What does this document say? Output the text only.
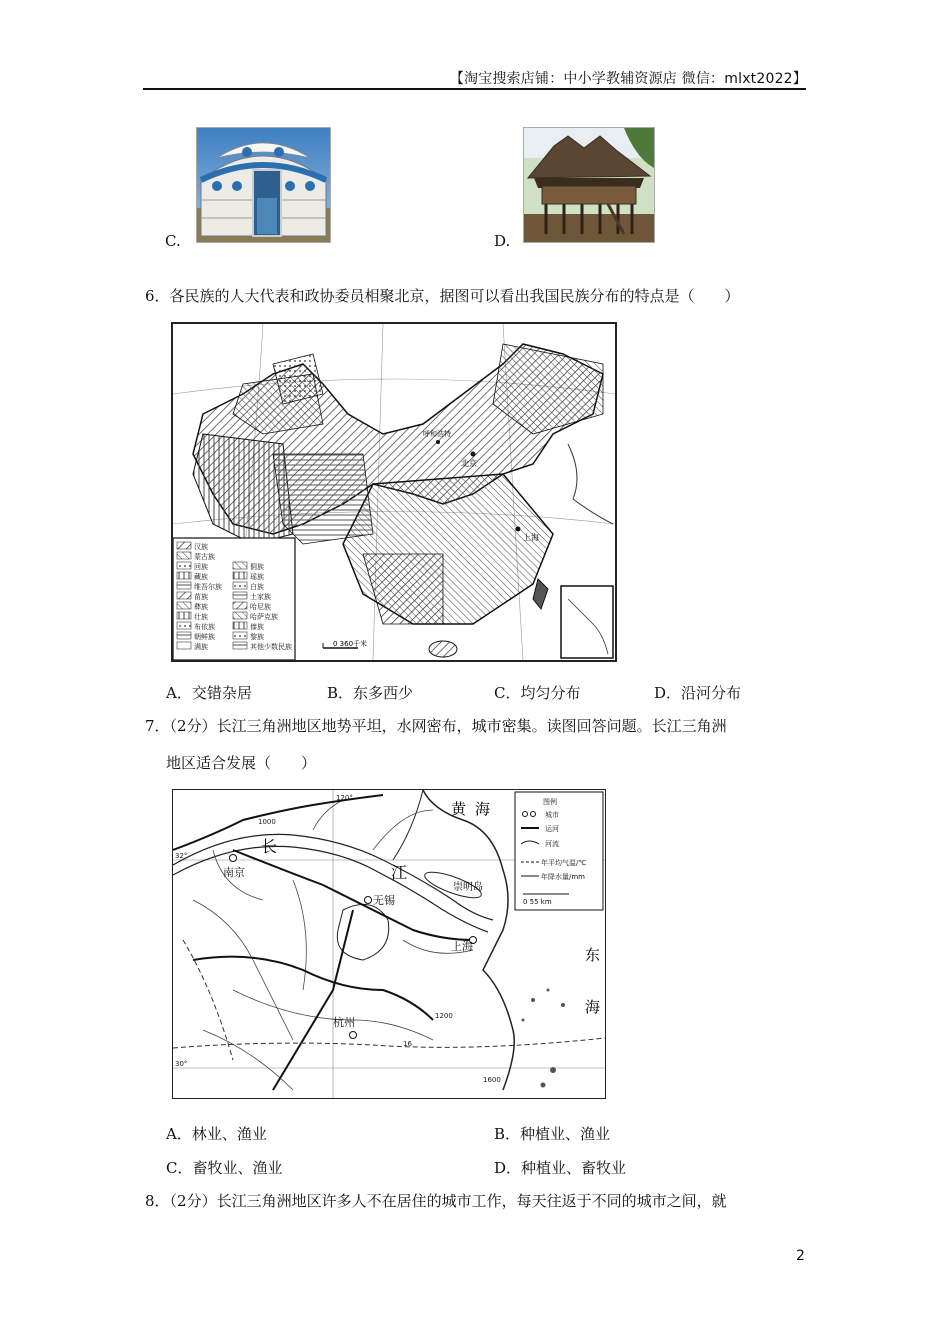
【淘宝搜索店铺：中小学教辅资源店 微信：mlxt2022】
C.	D.
6．各民族的人大代表和政协委员相聚北京，据图可以看出我国民族分布的特点是（　　）
北京
上海
呼和浩特
0 360千米
汉族
蒙古族
回族
藏族
维吾尔族
苗族
彝族
壮族
布依族
朝鲜族
满族
侗族
瑶族
白族
土家族
哈尼族
哈萨克族
傣族
黎族
其他少数民族
A．交错杂居	B．东多西少	C．均匀分布	D．沿河分布
7．（2分）长江三角洲地区地势平坦，水网密布，城市密集。读图回答问题。长江三角洲
地区适合发展（　　）
南京
无锡
上海
杭州
长
江
崇明岛
黄 海
东
海
120°
32°
30°
1000
1200
16
1600
图例
城市
运河
河流
年平均气温/℃
年降水量/mm
0 55 km
A．林业、渔业	B．种植业、渔业
C．畜牧业、渔业	D．种植业、畜牧业
8．（2分）长江三角洲地区许多人不在居住的城市工作，每天往返于不同的城市之间，就
2
